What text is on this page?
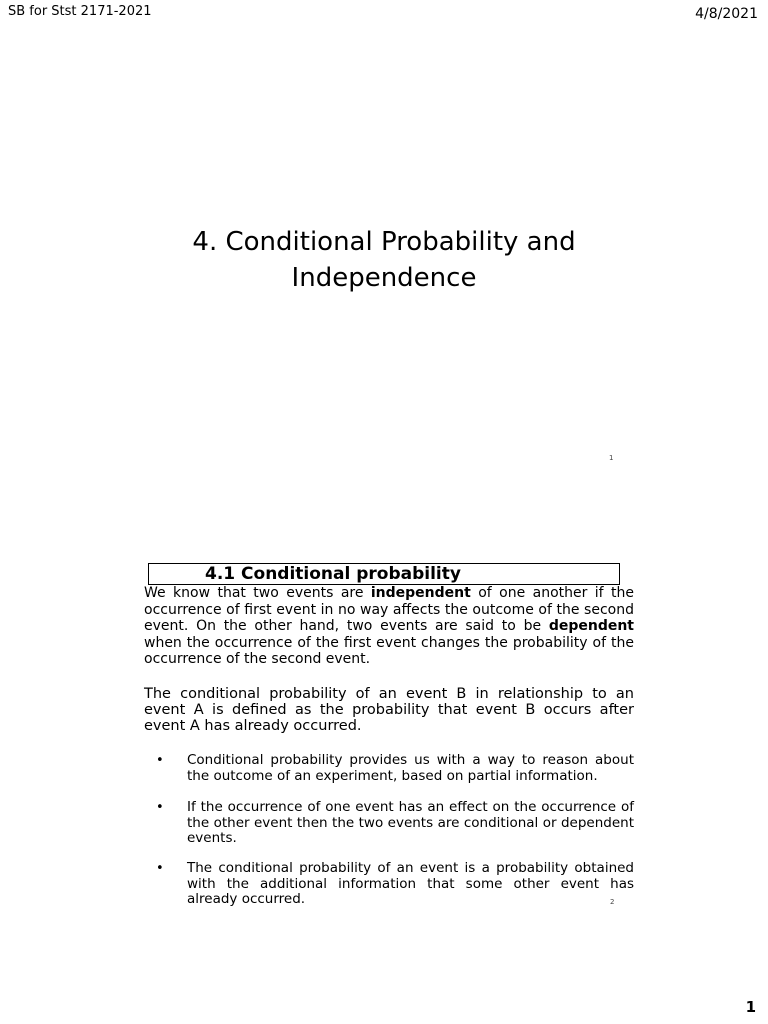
SB for Stst 2171-2021	4/8/2021
4. Conditional Probability and
Independence
1
4.1 Conditional probability
We know that two events are independent of one another if the occurrence of first event in no way affects the outcome of the second event. On the other hand, two events are said to be dependent when the occurrence of the first event changes the probability of the occurrence of the second event.
The conditional probability of an event B in relationship to an event A is defined as the probability that event B occurs after event A has already occurred.
• Conditional probability provides us with a way to reason about the outcome of an experiment, based on partial information.
• If the occurrence of one event has an effect on the occurrence of the other event then the two events are conditional or dependent events.
• The conditional probability of an event is a probability obtained with the additional information that some other event has already occurred.	2
1
